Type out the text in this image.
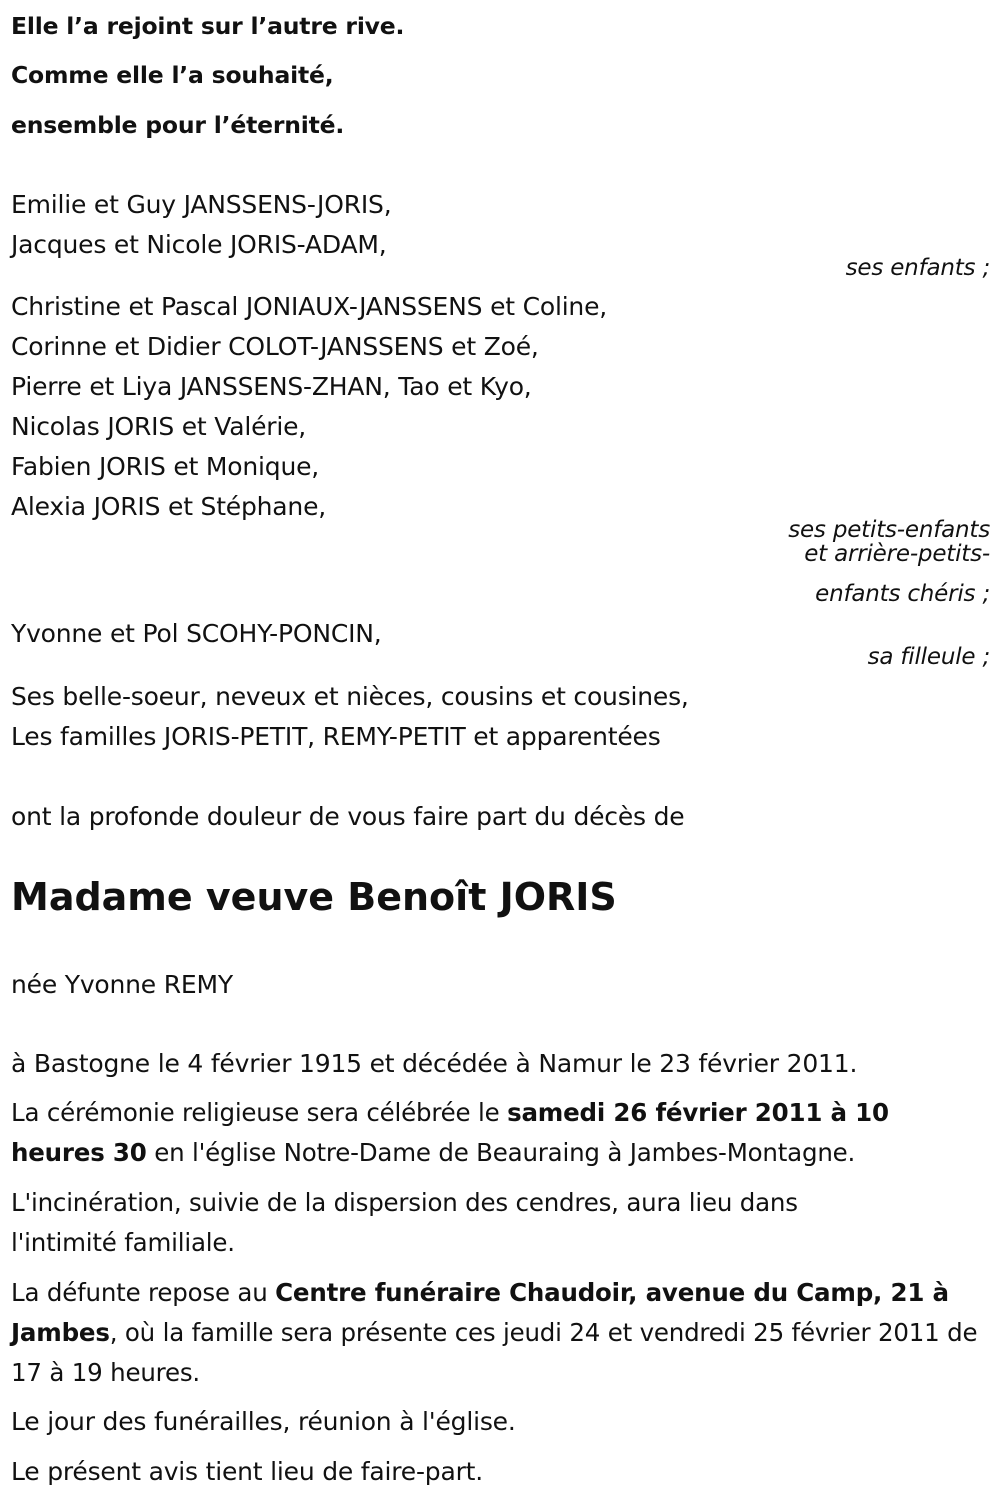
Elle l’a rejoint sur l’autre rive.
Comme elle l’a souhaité,
ensemble pour l’éternité.
Emilie et Guy JANSSENS-JORIS,
Jacques et Nicole JORIS-ADAM,
ses enfants ;
Christine et Pascal JONIAUX-JANSSENS et Coline,
Corinne et Didier COLOT-JANSSENS et Zoé,
Pierre et Liya JANSSENS-ZHAN, Tao et Kyo,
Nicolas JORIS et Valérie,
Fabien JORIS et Monique,
Alexia JORIS et Stéphane,
ses petits-enfants
et arrière-petits-
enfants chéris ;
Yvonne et Pol SCOHY-PONCIN,
sa filleule ;
Ses belle-soeur, neveux et nièces, cousins et cousines,
Les familles JORIS-PETIT, REMY-PETIT et apparentées
ont la profonde douleur de vous faire part du décès de
Madame veuve Benoît JORIS
née Yvonne REMY
à Bastogne le 4 février 1915 et décédée à Namur le 23 février 2011.
La cérémonie religieuse sera célébrée le samedi 26 février 2011 à 10 heures 30 en l'église Notre-Dame de Beauraing à Jambes-Montagne.
L'incinération, suivie de la dispersion des cendres, aura lieu dans l'intimité familiale.
La défunte repose au Centre funéraire Chaudoir, avenue du Camp, 21 à Jambes, où la famille sera présente ces jeudi 24 et vendredi 25 février 2011 de 17 à 19 heures.
Le jour des funérailles, réunion à l'église.
Le présent avis tient lieu de faire-part.
